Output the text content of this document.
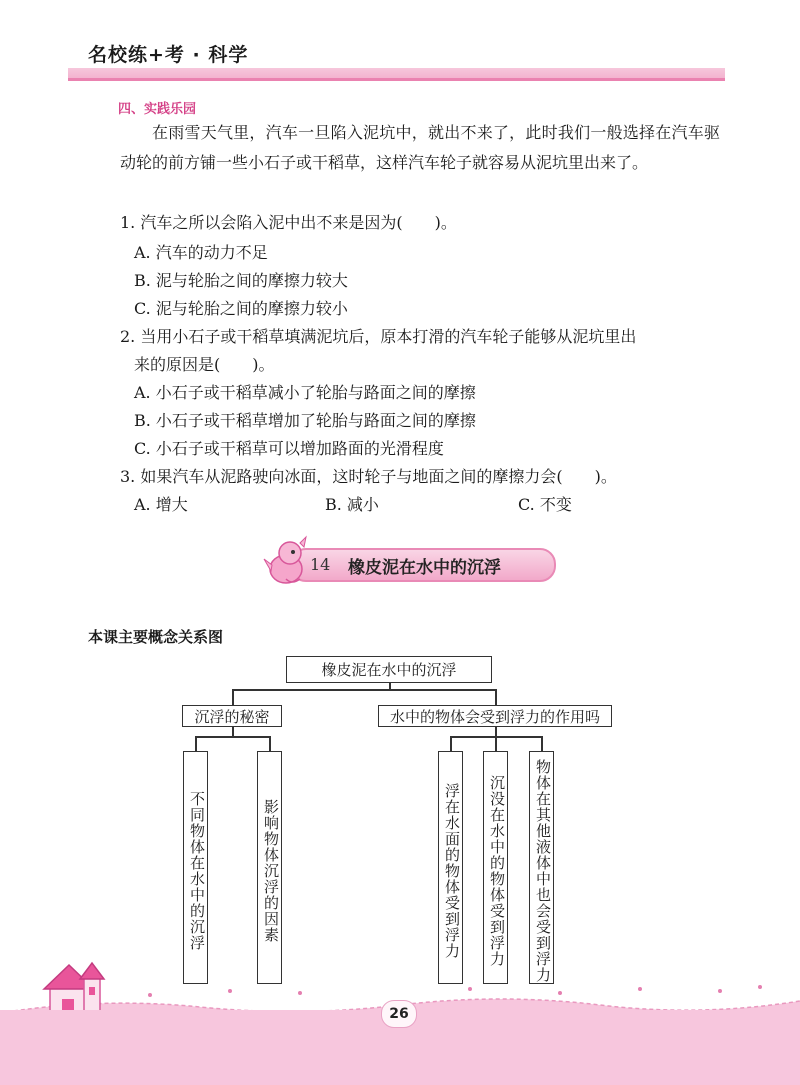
名校练+考 · 科学
四、实践乐园
在雨雪天气里，汽车一旦陷入泥坑中，就出不来了，此时我们一般选择在汽车驱动轮的前方铺一些小石子或干稻草，这样汽车轮子就容易从泥坑里出来了。
1. 汽车之所以会陷入泥中出不来是因为(　　)。
A. 汽车的动力不足
B. 泥与轮胎之间的摩擦力较大
C. 泥与轮胎之间的摩擦力较小
2. 当用小石子或干稻草填满泥坑后，原本打滑的汽车轮子能够从泥坑里出
来的原因是(　　)。
A. 小石子或干稻草减小了轮胎与路面之间的摩擦
B. 小石子或干稻草增加了轮胎与路面之间的摩擦
C. 小石子或干稻草可以增加路面的光滑程度
3. 如果汽车从泥路驶向冰面，这时轮子与地面之间的摩擦力会(　　)。
A. 增大	B. 减小	C. 不变
14 橡皮泥在水中的沉浮
本课主要概念关系图
橡皮泥在水中的沉浮
沉浮的秘密	水中的物体会受到浮力的作用吗
不同物体在水中的沉浮	影响物体沉浮的因素	浮在水面的物体受到浮力	沉没在水中的物体受到浮力	物体在其他液体中也会受到浮力
26
